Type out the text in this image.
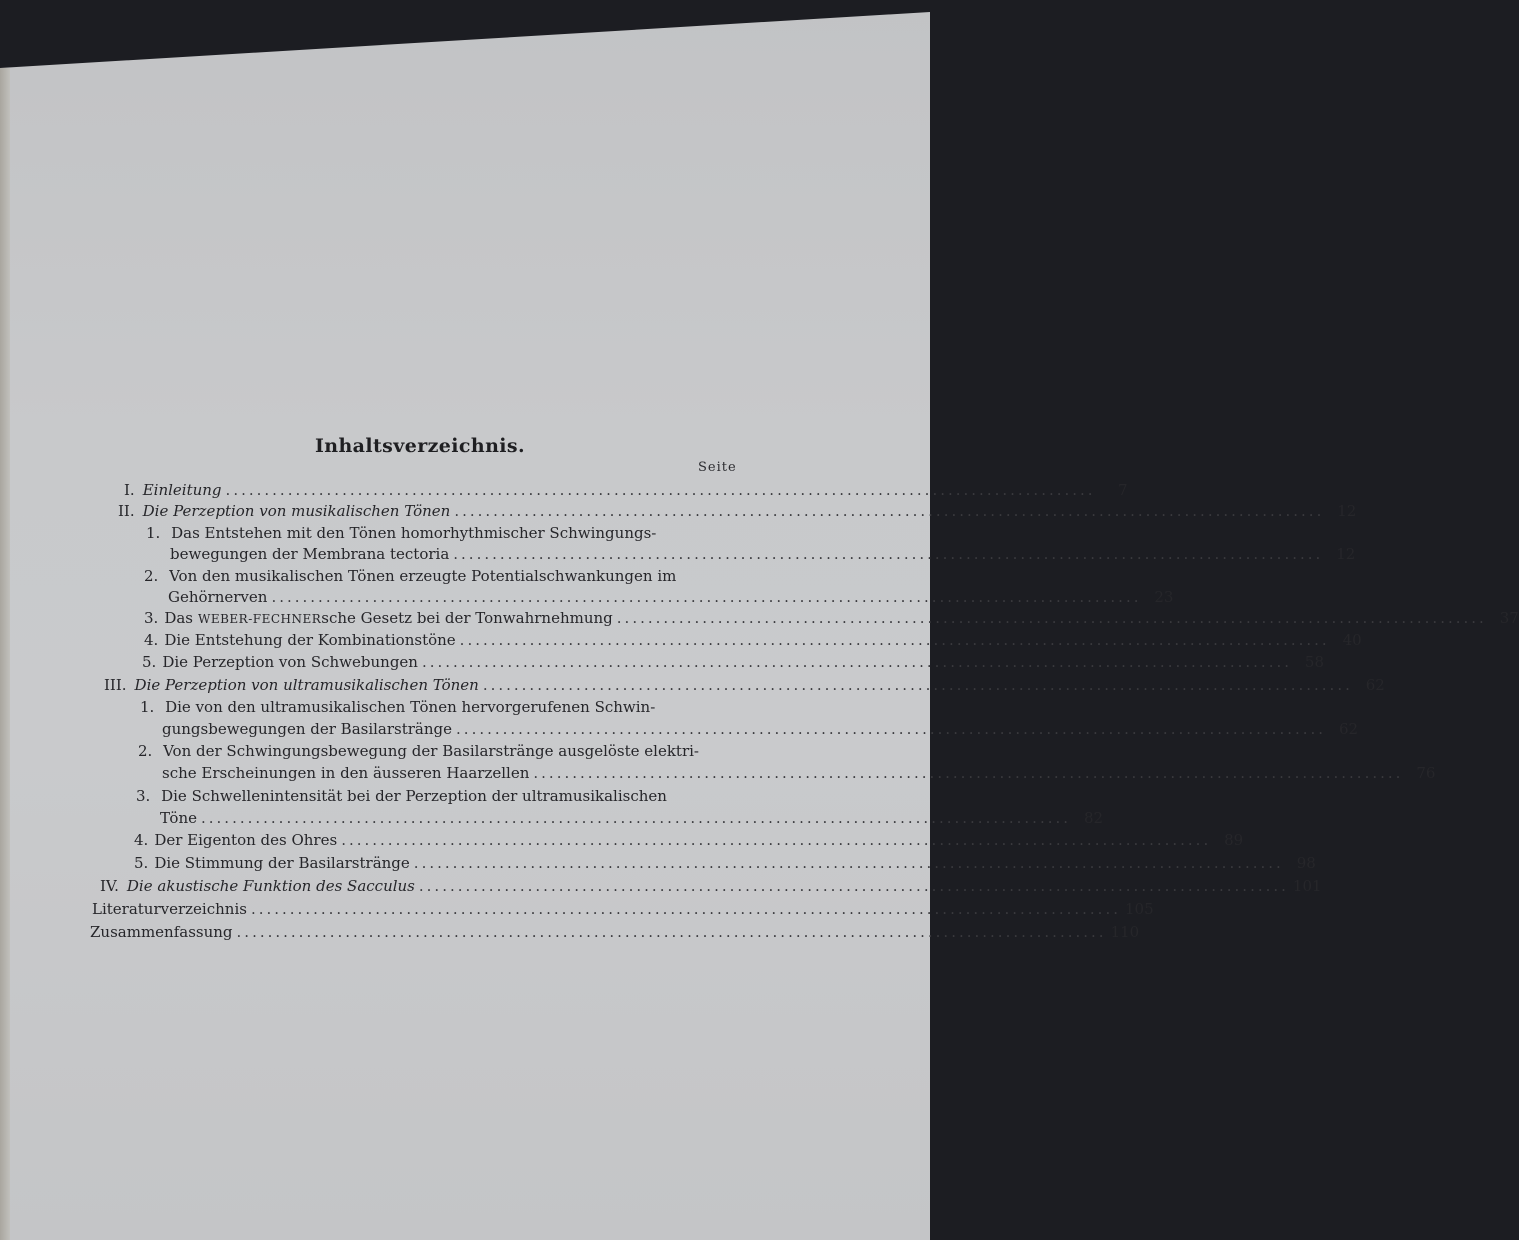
Inhaltsverzeichnis.
Seite
I. Einleitung ................................................................................................................	7
II. Die Perzeption von musikalischen Tönen ................................................................................................................ 12
1. Das Entstehen mit den Tönen homorhythmischer Schwingungs-
bewegungen der Membrana tectoria ................................................................................................................ 12
2. Von den musikalischen Tönen erzeugte Potentialschwankungen im
Gehörnerven ................................................................................................................ 23
3. Das WEBER-FECHNER sche Gesetz bei der Tonwahrnehmung ................................................................................................................ 37
4. Die Entstehung der Kombinationstöne ................................................................................................................ 40
5. Die Perzeption von Schwebungen ................................................................................................................ 58
III. Die Perzeption von ultramusikalischen Tönen ................................................................................................................ 62
1. Die von den ultramusikalischen Tönen hervorgerufenen Schwin-
gungsbewegungen der Basilarstränge ................................................................................................................ 62
2. Von der Schwingungsbewegung der Basilarstränge ausgelöste elektri-
sche Erscheinungen in den äusseren Haarzellen ................................................................................................................ 76
3. Die Schwellenintensität bei der Perzeption der ultramusikalischen
Töne ................................................................................................................ 82
4. Der Eigenton des Ohres ................................................................................................................ 89
5. Die Stimmung der Basilarstränge ................................................................................................................ 98
IV. Die akustische Funktion des Sacculus ................................................................................................................ 101
Literaturverzeichnis ................................................................................................................ 105
Zusammenfassung ................................................................................................................ 110
